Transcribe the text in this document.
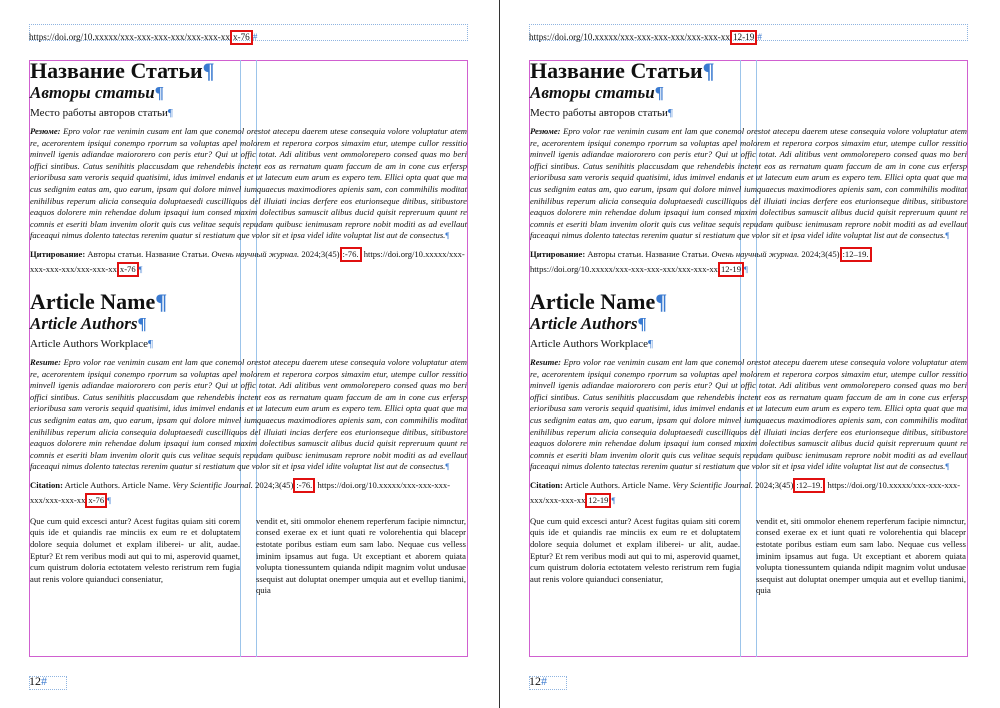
https://doi.org/10.xxxxx/xxx-xxx-xxx-xxx/xxx-xxx-xx х-76 #
Название Статьи¶
Авторы статьи¶
Место работы авторов статьи¶
Резюме: Epro volor rae venimin cusam ent lam que conemol orestot atecepu daerem utese consequia volore voluptatur atem re, acerorentem ipsiqui conempo rporrum sa voluptas apel molorem et reperora corpos simaxim etur, utempe cullor ressitio minvell igenis adiandae maiororero con peris etur? Qui ut offic totat. Adi alitibus vent ommolorepero consed quas mo beri offici sintibus. Catus senihitis placcusdam que rehendebis inctent eos as rernatum quam faccum de am in cone cus erfersp erioribusa sam veroris sequid quatisimi, idus iminvel endanis et ut latecum eum arum es expero tem. Ellici opta quat que ma cus sedignim eatas am, quo earum, ipsam qui dolore minvel iumquaecus maximodiores apienis sam, con commihilis moditat enihilibus reperum alicia consequia doluptaesedi cuscilliquos del illuiati incias derfere eos eturionseque ditibus, sitibustore eaquos dolorere min rehendae dolum ipsaqui ium consed maxim dolectibus samuscit alibus ducid quisit repreruum quunt re comnis et eseriti blam invenim olorit quis cus velitae sequis repudam quibusc ienimusam reprore nobit moditi as ad evellaut faceaqui nimus dolento tatectas rerenim quatur si restiatum que volor sit et ipsa videl idite voluptat list aut de consectus.¶
Цитирование: Авторы статьи. Название Статьи. Очень научный журнал. 2024;3(45) :-76. https://doi.org/10.xxxxx/xxx-xxx-xxx-xxx/xxx-xxx-xx х-76 ¶
Article Name¶
Article Authors¶
Article Authors Workplace¶
Resume: Epro volor rae venimin cusam ent lam que conemol orestot atecepu daerem utese consequia volore voluptatur atem re, acerorentem ipsiqui conempo rporrum sa voluptas apel molorem et reperora corpos simaxim etur, utempe cullor ressitio minvell igenis adiandae maiororero con peris etur? Qui ut offic totat. Adi alitibus vent ommolorepero consed quas mo beri offici sintibus. Catus senihitis placcusdam que rehendebis inctent eos as rernatum quam faccum de am in cone cus erfersp erioribusa sam veroris sequid quatisimi, idus iminvel endanis et ut latecum eum arum es expero tem. Ellici opta quat que ma cus sedignim eatas am, quo earum, ipsam qui dolore minvel iumquaecus maximodiores apienis sam, con commihilis moditat enihilibus reperum alicia consequia doluptaesedi cuscilliquos del illuiati incias derfere eos eturionseque ditibus, sitibustore eaquos dolorere min rehendae dolum ipsaqui ium consed maxim dolectibus samuscit alibus ducid quisit repreruum quunt re comnis et eseriti blam invenim olorit quis cus velitae sequis repudam quibusc ienimusam reprore nobit moditi as ad evellaut faceaqui nimus dolento tatectas rerenim quatur si restiatum que volor sit et ipsa videl idite voluptat list aut de consectus.¶
Citation: Article Authors. Article Name. Very Scientific Journal. 2024;3(45) :-76. https://doi.org/10.xxxxx/xxx-xxx-xxx-xxx/xxx-xxx-xx х-76 ¶
Que cum quid excesci antur? Acest fugitas quiam siti corem quis ide et quiandis rae minciis ex eum re et doluptatem dolore sequia dolumet et explam iliberei- ur alit, audae. Eptur? Et rem veribus modi aut qui to mi, asperovid quamet, cum quistrum doloria ectotatem velesto reristrum rem fugia aut renis volore quianduci conseniatur,
vendit et, siti ommolor ehenem reperferum facipie nimnctur, consed exerae ex et iunt quati re volorehentia qui blacepr estotate poribus estiam eum sam labo. Nequae cus velless iminim ipsamus aut fuga. Ut exceptiant et aborem quiata volupta tionessuntem quianda ndipit magnim volut undusae ssequist aut doluptat onemper umquia aut et evellup tianimi, quia
12#
https://doi.org/10.xxxxx/xxx-xxx-xxx-xxx/xxx-xxx-xx 12-19 #
Название Статьи¶
Авторы статьи¶
Место работы авторов статьи¶
Резюме: Epro volor rae venimin cusam ent lam que conemol orestot atecepu daerem utese consequia volore voluptatur atem re, acerorentem ipsiqui conempo rporrum sa voluptas apel molorem et reperora corpos simaxim etur, utempe cullor ressitio minvell igenis adiandae maiororero con peris etur? Qui ut offic totat. Adi alitibus vent ommolorepero consed quas mo beri offici sintibus. Catus senihitis placcusdam que rehendebis inctent eos as rernatum quam faccum de am in cone cus erfersp erioribusa sam veroris sequid quatisimi, idus iminvel endanis et ut latecum eum arum es expero tem. Ellici opta quat que ma cus sedignim eatas am, quo earum, ipsam qui dolore minvel iumquaecus maximodiores apienis sam, con commihilis moditat enihilibus reperum alicia consequia doluptaesedi cuscilliquos del illuiati incias derfere eos eturionseque ditibus, sitibustore eaquos dolorere min rehendae dolum ipsaqui ium consed maxim dolectibus samuscit alibus ducid quisit repreruum quunt re comnis et eseriti blam invenim olorit quis cus velitae sequis repudam quibusc ienimusam reprore nobit moditi as ad evellaut faceaqui nimus dolento tatectas rerenim quatur si restiatum que volor sit et ipsa videl idite voluptat list aut de consectus.¶
Цитирование: Авторы статьи. Название Статьи. Очень научный журнал. 2024;3(45) :12–19. https://doi.org/10.xxxxx/xxx-xxx-xxx-xxx/xxx-xxx-xx 12-19 ¶
Article Name¶
Article Authors¶
Article Authors Workplace¶
Resume: Epro volor rae venimin cusam ent lam que conemol orestot atecepu daerem utese consequia volore voluptatur atem re, acerorentem ipsiqui conempo rporrum sa voluptas apel molorem et reperora corpos simaxim etur, utempe cullor ressitio minvell igenis adiandae maiororero con peris etur? Qui ut offic totat. Adi alitibus vent ommolorepero consed quas mo beri offici sintibus. Catus senihitis placcusdam que rehendebis inctent eos as rernatum quam faccum de am in cone cus erfersp erioribusa sam veroris sequid quatisimi, idus iminvel endanis et ut latecum eum arum es expero tem. Ellici opta quat que ma cus sedignim eatas am, quo earum, ipsam qui dolore minvel iumquaecus maximodiores apienis sam, con commihilis moditat enihilibus reperum alicia consequia doluptaesedi cuscilliquos del illuiati incias derfere eos eturionseque ditibus, sitibustore eaquos dolorere min rehendae dolum ipsaqui ium consed maxim dolectibus samuscit alibus ducid quisit repreruum quunt re comnis et eseriti blam invenim olorit quis cus velitae sequis repudam quibusc ienimusam reprore nobit moditi as ad evellaut faceaqui nimus dolento tatectas rerenim quatur si restiatum que volor sit et ipsa videl idite voluptat list aut de consectus.¶
Citation: Article Authors. Article Name. Very Scientific Journal. 2024;3(45) :12–19. https://doi.org/10.xxxxx/xxx-xxx-xxx-xxx/xxx-xxx-xx 12-19 ¶
Que cum quid excesci antur? Acest fugitas quiam siti corem quis ide et quiandis rae minciis ex eum re et doluptatem dolore sequia dolumet et explam iliberei- ur alit, audae. Eptur? Et rem veribus modi aut qui to mi, asperovid quamet, cum quistrum doloria ectotatem velesto reristrum rem fugia aut renis volore quianduci conseniatur,
vendit et, siti ommolor ehenem reperferum facipie nimnctur, consed exerae ex et iunt quati re volorehentia qui blacepr estotate poribus estiam eum sam labo. Nequae cus velless iminim ipsamus aut fuga. Ut exceptiant et aborem quiata volupta tionessuntem quianda ndipit magnim volut undusae ssequist aut doluptat onemper umquia aut et evellup tianimi, quia
12#
